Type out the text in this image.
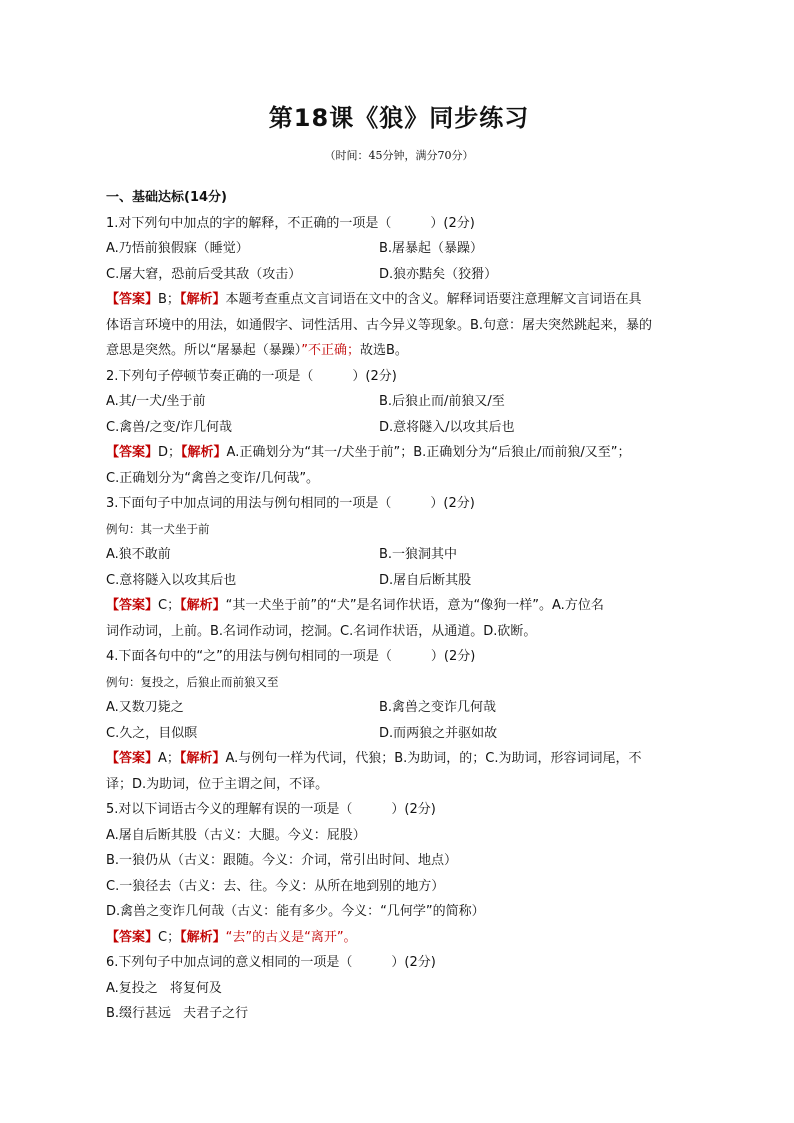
第18课《狼》同步练习
（时间：45分钟，满分70分）
一、基础达标(14分)
1.对下列句中加点的字的解释，不正确的一项是（　　　）(2分)
A.乃悟前狼假寐（睡觉）	B.屠暴起（暴躁）
C.屠大窘，恐前后受其敌（攻击）	D.狼亦黠矣（狡猾）
【答案】B；【解析】本题考查重点文言词语在文中的含义。解释词语要注意理解文言词语在具
体语言环境中的用法，如通假字、词性活用、古今异义等现象。B.句意：屠夫突然跳起来，暴的
意思是突然。所以“屠暴起（暴躁）”不正确；故选B。
2.下列句子停顿节奏正确的一项是（　　　）(2分)
A.其/一犬/坐于前	B.后狼止而/前狼又/至
C.禽兽/之变/诈几何哉	D.意将隧入/以攻其后也
【答案】D；【解析】A.正确划分为“其一/犬坐于前”；B.正确划分为“后狼止/而前狼/又至”；
C.正确划分为“禽兽之变诈/几何哉”。
3.下面句子中加点词的用法与例句相同的一项是（　　　）(2分)
例句：其一犬坐于前
A.狼不敢前	B.一狼洞其中
C.意将隧入以攻其后也	D.屠自后断其股
【答案】C；【解析】“其一犬坐于前”的“犬”是名词作状语，意为“像狗一样”。A.方位名
词作动词，上前。B.名词作动词，挖洞。C.名词作状语，从通道。D.砍断。
4.下面各句中的“之”的用法与例句相同的一项是（　　　）(2分)
例句：复投之，后狼止而前狼又至
A.又数刀毙之	B.禽兽之变诈几何哉
C.久之，目似瞑	D.而两狼之并驱如故
【答案】A；【解析】A.与例句一样为代词，代狼；B.为助词，的；C.为助词，形容词词尾，不
译；D.为助词，位于主谓之间，不译。
5.对以下词语古今义的理解有误的一项是（　　　）(2分)
A.屠自后断其股（古义：大腿。今义：屁股）
B.一狼仍从（古义：跟随。今义：介词，常引出时间、地点）
C.一狼径去（古义：去、往。今义：从所在地到别的地方）
D.禽兽之变诈几何哉（古义：能有多少。今义：“几何学”的简称）
【答案】C；【解析】“去”的古义是“离开”。
6.下列句子中加点词的意义相同的一项是（　　　）(2分)
A.复投之 将复何及
B.缀行甚远 夫君子之行
